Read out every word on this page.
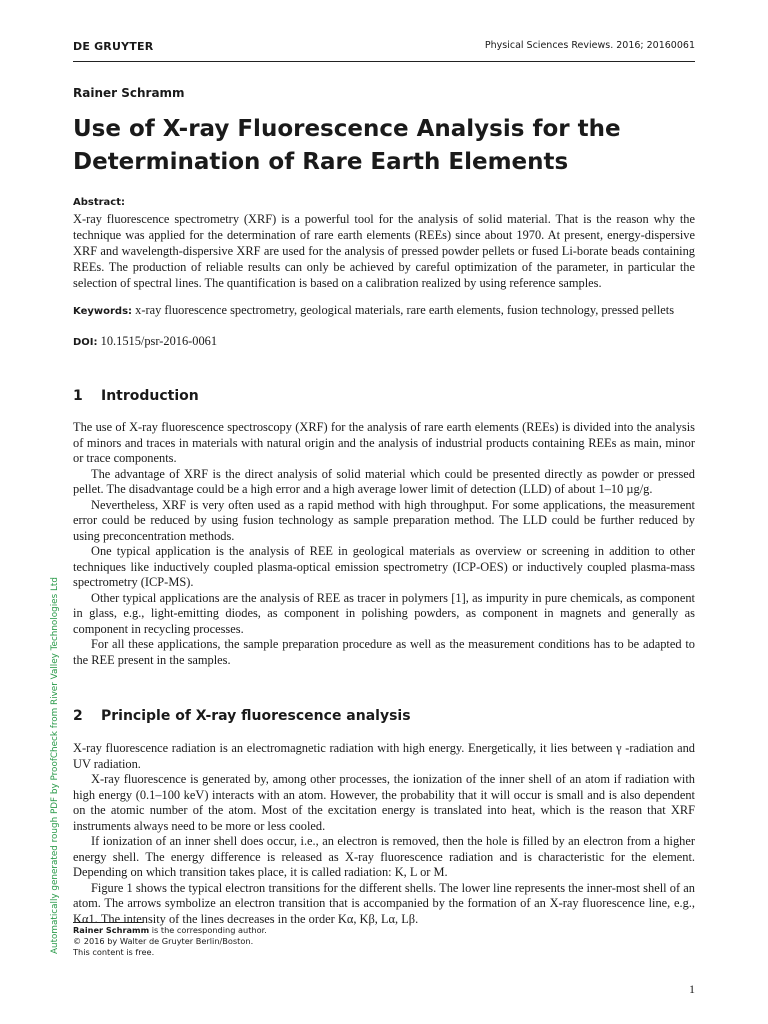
DE GRUYTER	Physical Sciences Reviews. 2016; 20160061
Rainer Schramm
Use of X-ray Fluorescence Analysis for the Determination of Rare Earth Elements
Abstract:

X-ray fluorescence spectrometry (XRF) is a powerful tool for the analysis of solid material. That is the reason why the technique was applied for the determination of rare earth elements (REEs) since about 1970. At present, energy-dispersive XRF and wavelength-dispersive XRF are used for the analysis of pressed powder pellets or fused Li-borate beads containing REEs. The production of reliable results can only be achieved by careful optimization of the parameter, in particular the selection of spectral lines. The quantification is based on a calibration realized by using reference samples.

Keywords: x-ray fluorescence spectrometry, geological materials, rare earth elements, fusion technology, pressed pellets

DOI: 10.1515/psr-2016-0061
1 Introduction

The use of X-ray fluorescence spectroscopy (XRF) for the analysis of rare earth elements (REEs) is divided into the analysis of minors and traces in materials with natural origin and the analysis of industrial products containing REEs as main, minor or trace components.

The advantage of XRF is the direct analysis of solid material which could be presented directly as powder or pressed pellet. The disadvantage could be a high error and a high average lower limit of detection (LLD) of about 1–10 µg/g.

Nevertheless, XRF is very often used as a rapid method with high throughput. For some applications, the measurement error could be reduced by using fusion technology as sample preparation method. The LLD could be further reduced by using preconcentration methods.

One typical application is the analysis of REE in geological materials as overview or screening in addition to other techniques like inductively coupled plasma-optical emission spectrometry (ICP-OES) or inductively coupled plasma-mass spectrometry (ICP-MS).

Other typical applications are the analysis of REE as tracer in polymers [1], as impurity in pure chemicals, as component in glass, e.g., light-emitting diodes, as component in polishing powders, as component in magnets and generally as component in recycling processes.

For all these applications, the sample preparation procedure as well as the measurement conditions has to be adapted to the REE present in the samples.

2 Principle of X-ray fluorescence analysis

X-ray fluorescence radiation is an electromagnetic radiation with high energy. Energetically, it lies between γ -radiation and UV radiation.

X-ray fluorescence is generated by, among other processes, the ionization of the inner shell of an atom if radiation with high energy (0.1–100 keV) interacts with an atom. However, the probability that it will occur is small and is also dependent on the atomic number of the atom. Most of the excitation energy is translated into heat, which is the reason that XRF instruments always need to be more or less cooled.

If ionization of an inner shell does occur, i.e., an electron is removed, then the hole is filled by an electron from a higher energy shell. The energy difference is released as X-ray fluorescence radiation and is characteristic for the element. Depending on which transition takes place, it is called radiation: K, L or M.

Figure 1 shows the typical electron transitions for the different shells. The lower line represents the inner-most shell of an atom. The arrows symbolize an electron transition that is accompanied by the formation of an X-ray fluorescence line, e.g., Kα1. The intensity of the lines decreases in the order Kα, Kβ, Lα, Lβ.

Rainer Schramm is the corresponding author.
© 2016 by Walter de Gruyter Berlin/Boston.
This content is free.
Automatically generated rough PDF by ProofCheck from River Valley Technologies Ltd
1
